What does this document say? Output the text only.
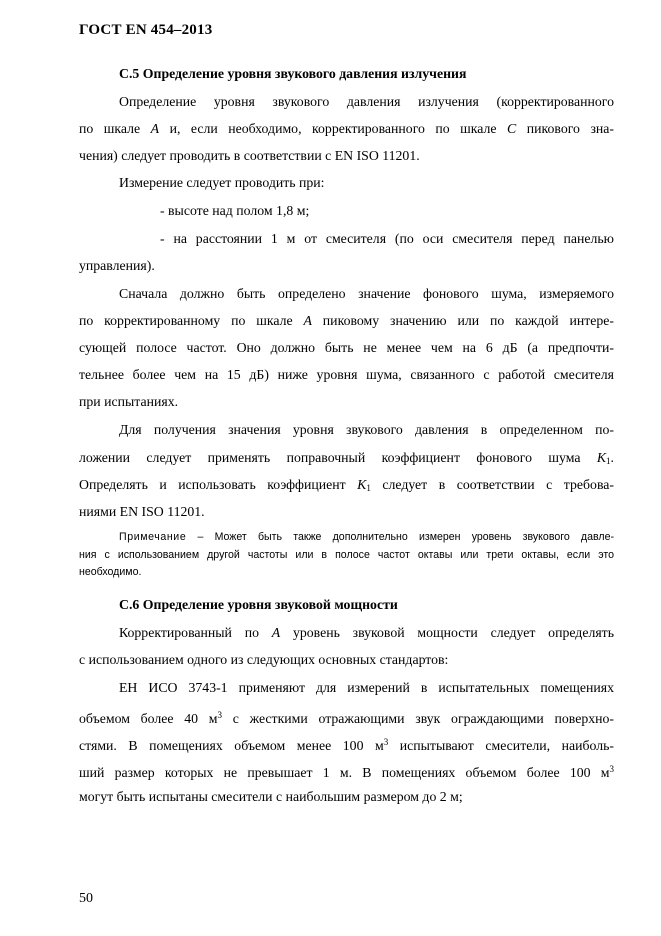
ГОСТ EN 454–2013
С.5 Определение уровня звукового давления излучения
Определение уровня звукового давления излучения (корректированного
по шкале A и, если необходимо, корректированного по шкале C пикового зна-
чения) следует проводить в соответствии с EN ISO 11201.
Измерение следует проводить при:
- высоте над полом 1,8 м;
- на расстоянии 1 м от смесителя (по оси смесителя перед панелью
управления).
Сначала должно быть определено значение фонового шума, измеряемого
по корректированному по шкале A пиковому значению или по каждой интере-
сующей полосе частот. Оно должно быть не менее чем на 6 дБ (а предпочти-
тельнее более чем на 15 дБ) ниже уровня шума, связанного с работой смесителя
при испытаниях.
Для получения значения уровня звукового давления в определенном по-
ложении следует применять поправочный коэффициент фонового шума $K_1$.
Определять и использовать коэффициент $K_1$ следует в соответствии с требова-
ниями EN ISO 11201.
Примечание – Может быть также дополнительно измерен уровень звукового давле-
ния с использованием другой частоты или в полосе частот октавы или трети октавы, если это
необходимо.
С.6 Определение уровня звуковой мощности
Корректированный по A уровень звуковой мощности следует определять
с использованием одного из следующих основных стандартов:
ЕН ИСО 3743-1 применяют для измерений в испытательных помещениях
объемом более 40 $м^3$ с жесткими отражающими звук ограждающими поверхно-
стями. В помещениях объемом менее 100 $м^3$ испытывают смесители, наиболь-
ший размер которых не превышает 1 м. В помещениях объемом более 100 $м^3$
могут быть испытаны смесители с наибольшим размером до 2 м;
50
